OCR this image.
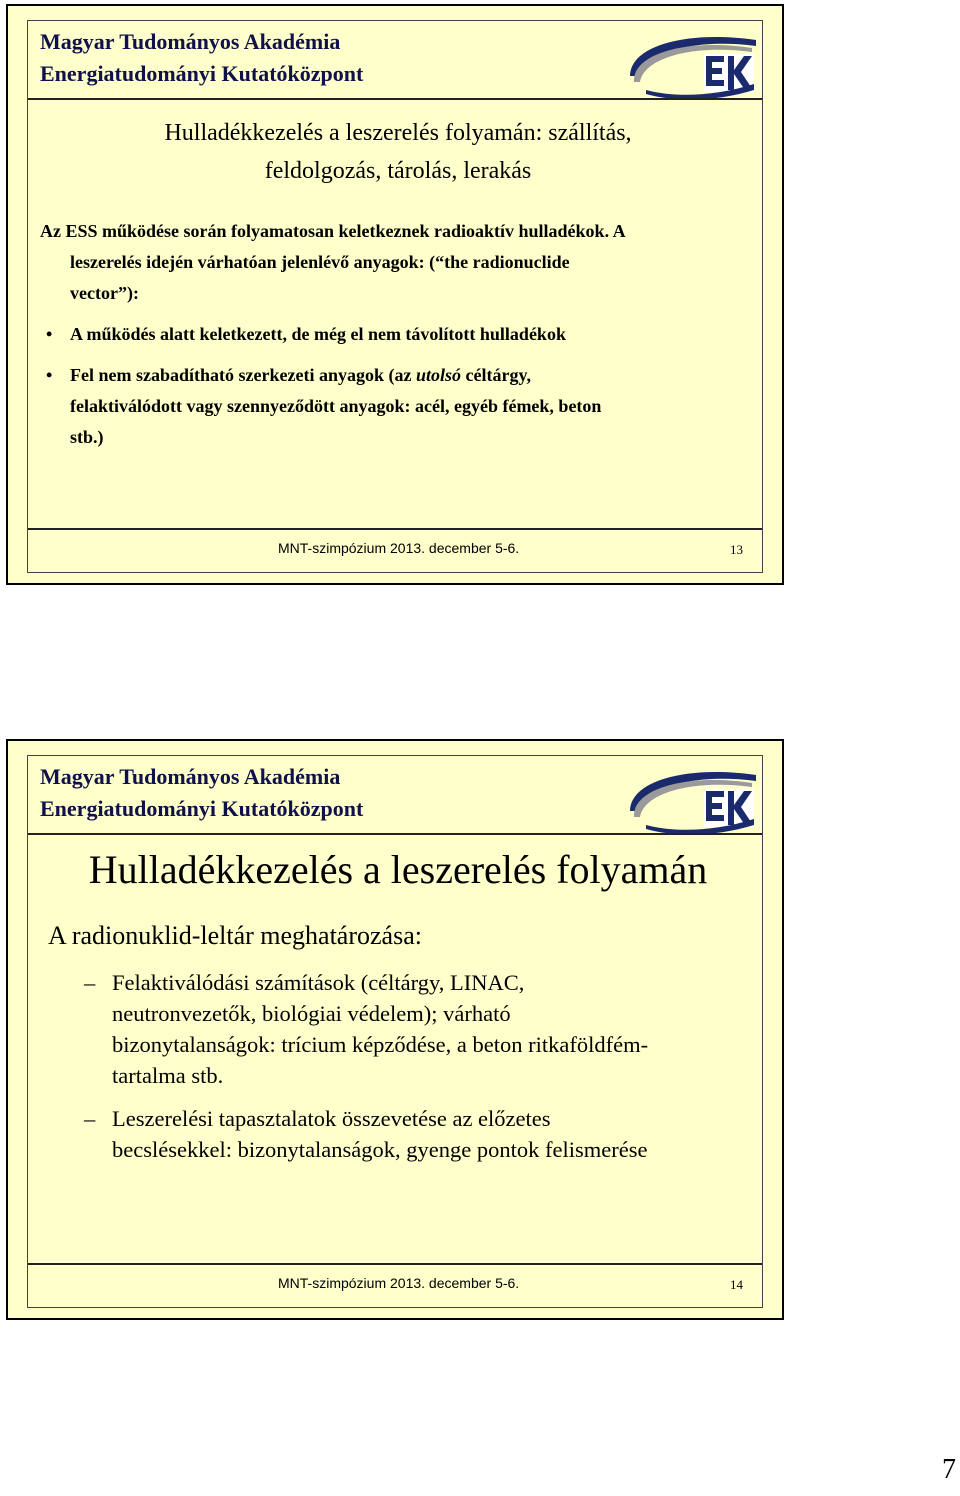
Magyar Tudományos Akadémia
Energiatudományi Kutatóközpont
Hulladékkezelés a leszerelés folyamán: szállítás,
feldolgozás, tárolás, lerakás

Az ESS működése során folyamatosan keletkeznek radioaktív hulladékok. A

leszerelés idején várhatóan jelenlévő anyagok: (“the radionuclide

vector”):

• A működés alatt keletkezett, de még el nem távolított hulladékok
• Fel nem szabadítható szerkezeti anyagok (az utolsó céltárgy,
felaktiválódott vagy szennyeződött anyagok: acél, egyéb fémek, beton
stb.)
MNT-szimpózium 2013. december 5-6.	13
Magyar Tudományos Akadémia
Energiatudományi Kutatóközpont
Hulladékkezelés a leszerelés folyamán
A radionuklid-leltár meghatározása:
– Felaktiválódási számítások (céltárgy, LINAC,

neutronvezetők, biológiai védelem); várható

bizonytalanságok: trícium képződése, a beton ritkaföldfém-

tartalma stb.

– Leszerelési tapasztalatok összevetése az előzetes

becslésekkel: bizonytalanságok, gyenge pontok felismerése

MNT-szimpózium 2013. december 5-6.	14
7
